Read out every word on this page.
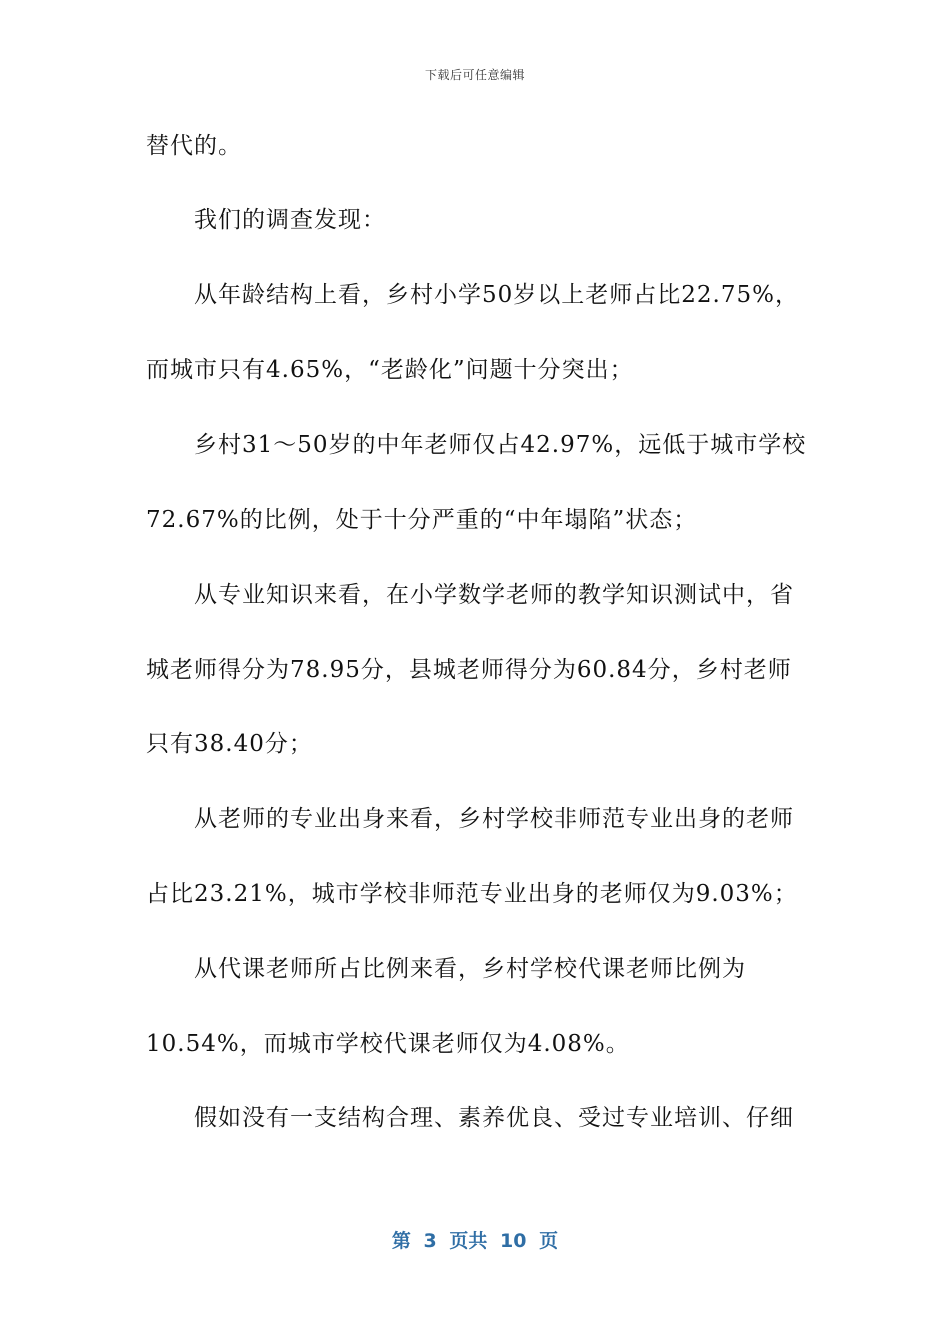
下载后可任意编辑
替代的。
我们的调查发现：
从年龄结构上看，乡村小学50岁以上老师占比22.75%，
而城市只有4.65%，“老龄化”问题十分突出；
乡村31～50岁的中年老师仅占42.97%，远低于城市学校
72.67%的比例，处于十分严重的“中年塌陷”状态；
从专业知识来看，在小学数学老师的教学知识测试中，省
城老师得分为78.95分，县城老师得分为60.84分，乡村老师
只有38.40分；
从老师的专业出身来看，乡村学校非师范专业出身的老师
占比23.21%，城市学校非师范专业出身的老师仅为9.03%；
从代课老师所占比例来看，乡村学校代课老师比例为
10.54%，而城市学校代课老师仅为4.08%。
假如没有一支结构合理、素养优良、受过专业培训、仔细
第 3 页共 10 页
